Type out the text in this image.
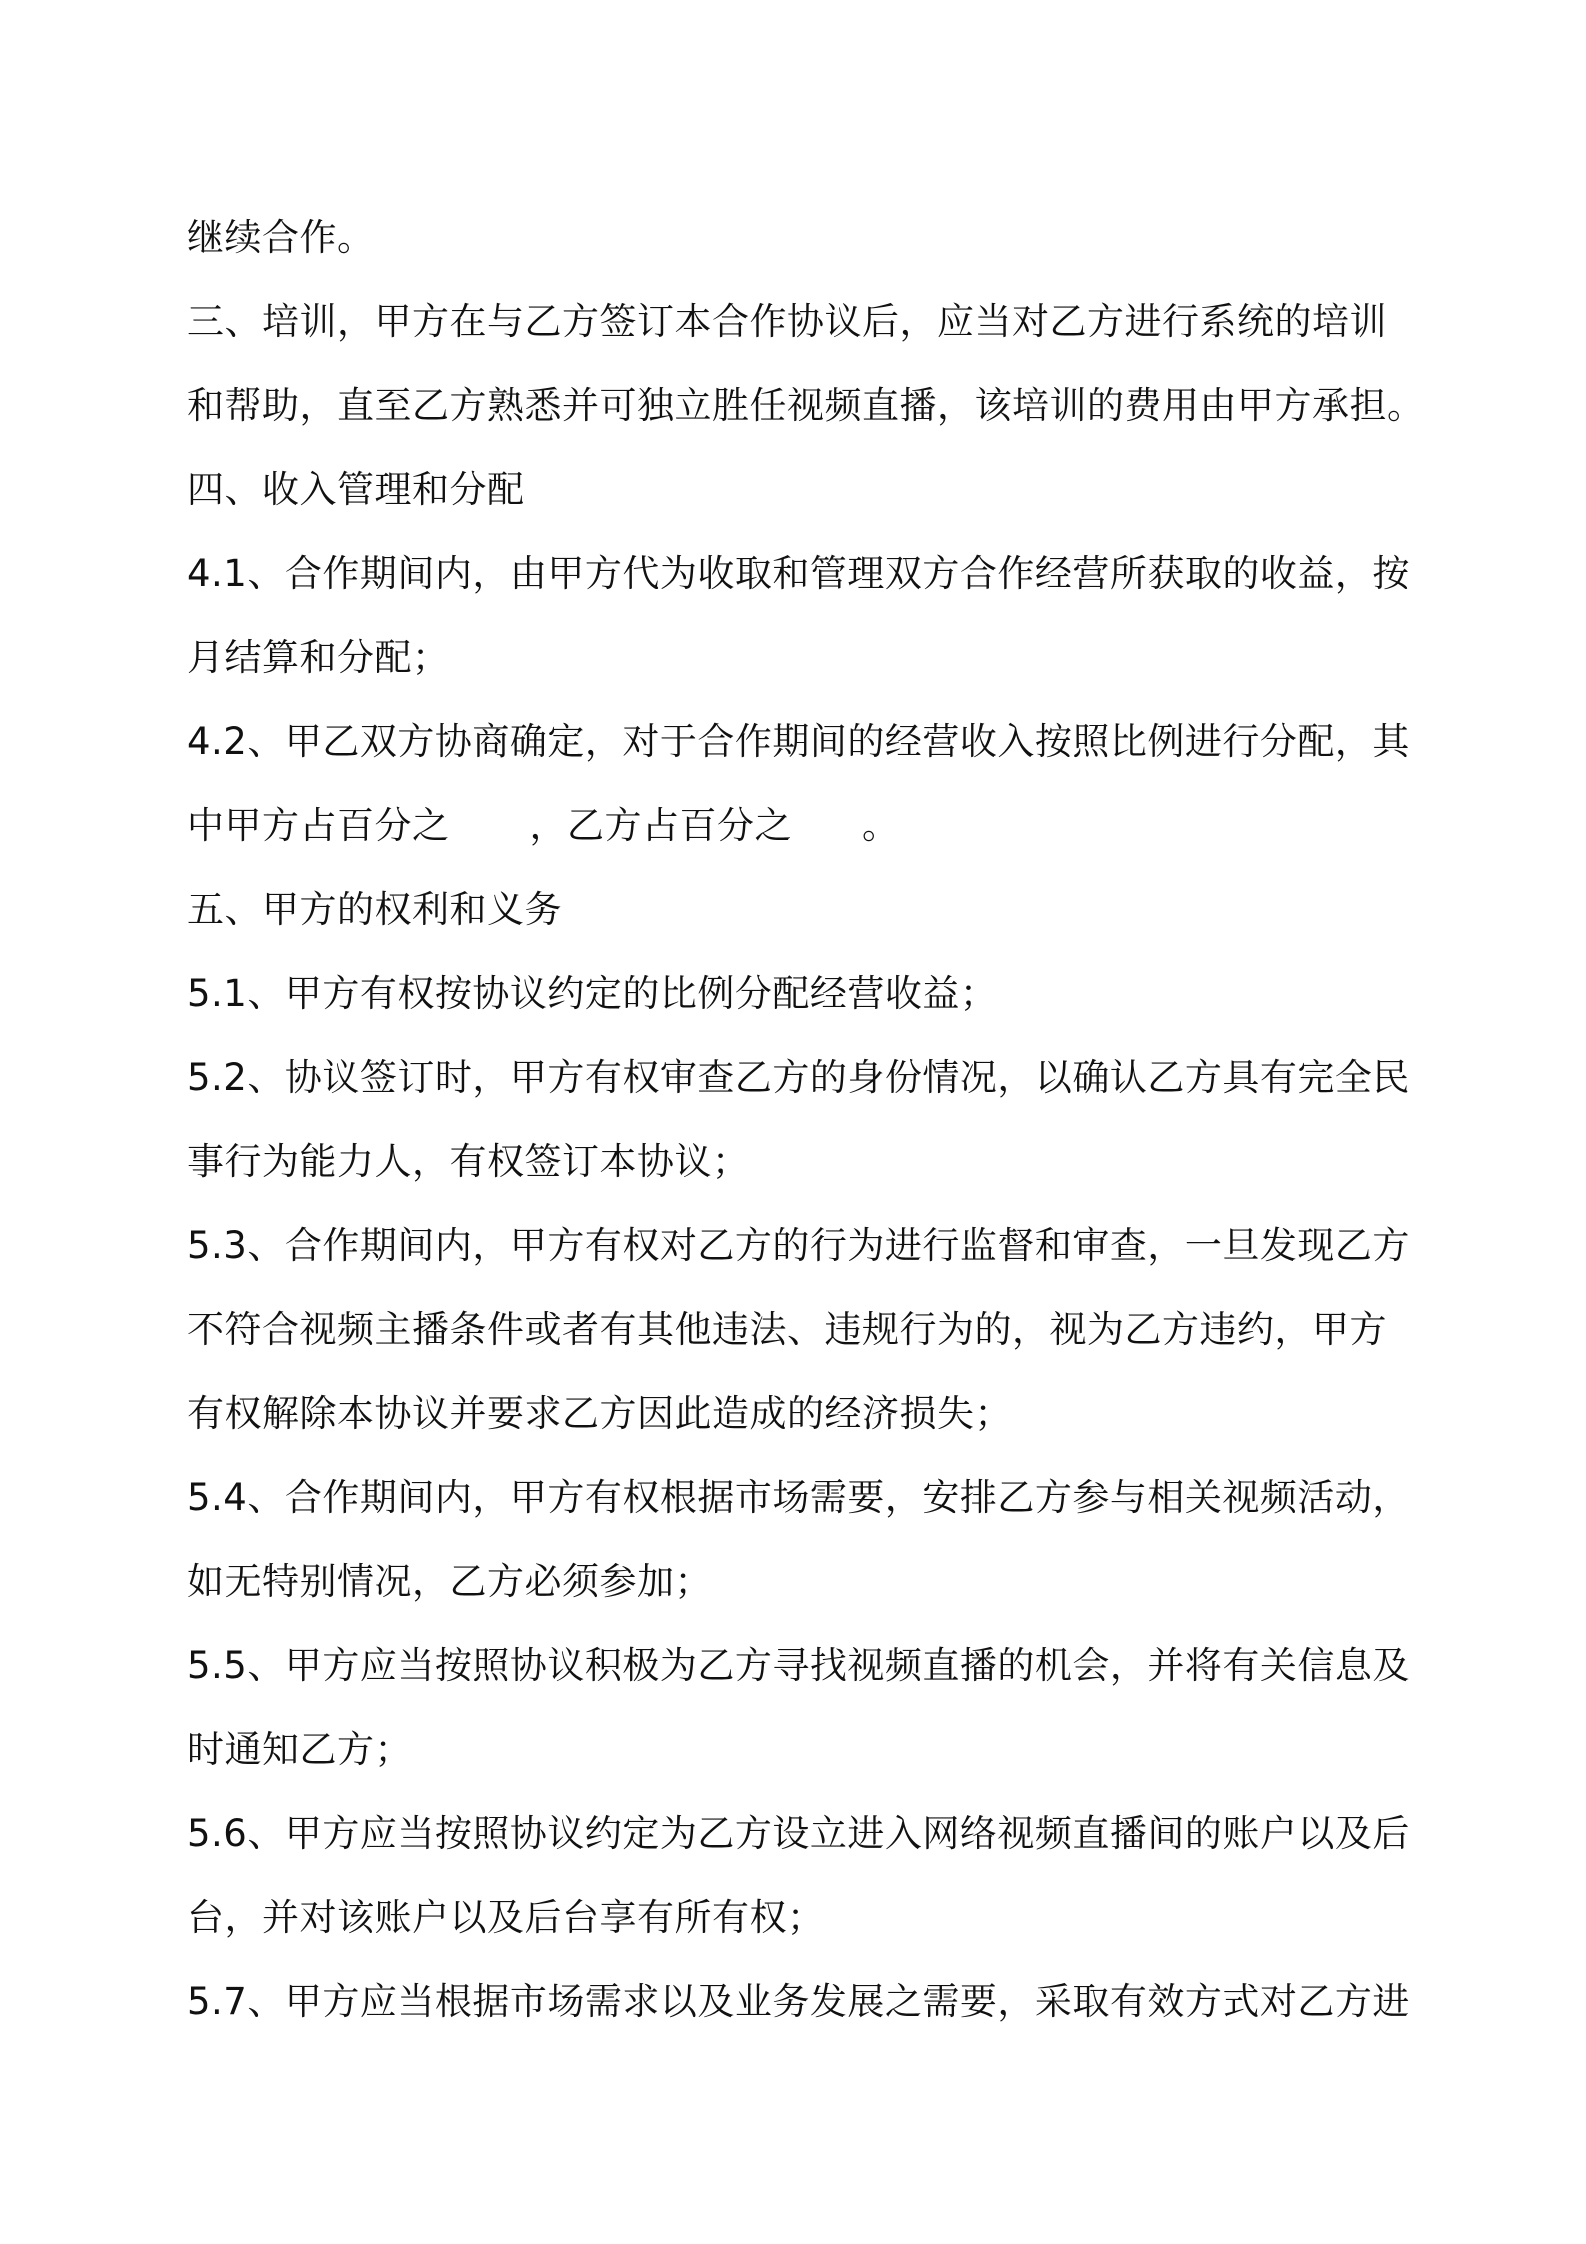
继续合作。
三、培训，甲方在与乙方签订本合作协议后，应当对乙方进行系统的培训
和帮助，直至乙方熟悉并可独立胜任视频直播，该培训的费用由甲方承担。
四、收入管理和分配
4.1、合作期间内，由甲方代为收取和管理双方合作经营所获取的收益，按
月结算和分配；
4.2、甲乙双方协商确定，对于合作期间的经营收入按照比例进行分配，其
中甲方占百分之 ，乙方占百分之 。
五、甲方的权利和义务
5.1、甲方有权按协议约定的比例分配经营收益；
5.2、协议签订时，甲方有权审查乙方的身份情况，以确认乙方具有完全民
事行为能力人，有权签订本协议；
5.3、合作期间内，甲方有权对乙方的行为进行监督和审查，一旦发现乙方
不符合视频主播条件或者有其他违法、违规行为的，视为乙方违约，甲方
有权解除本协议并要求乙方因此造成的经济损失；
5.4、合作期间内，甲方有权根据市场需要，安排乙方参与相关视频活动，
如无特别情况，乙方必须参加；
5.5、甲方应当按照协议积极为乙方寻找视频直播的机会，并将有关信息及
时通知乙方；
5.6、甲方应当按照协议约定为乙方设立进入网络视频直播间的账户以及后
台，并对该账户以及后台享有所有权；
5.7、甲方应当根据市场需求以及业务发展之需要，采取有效方式对乙方进
